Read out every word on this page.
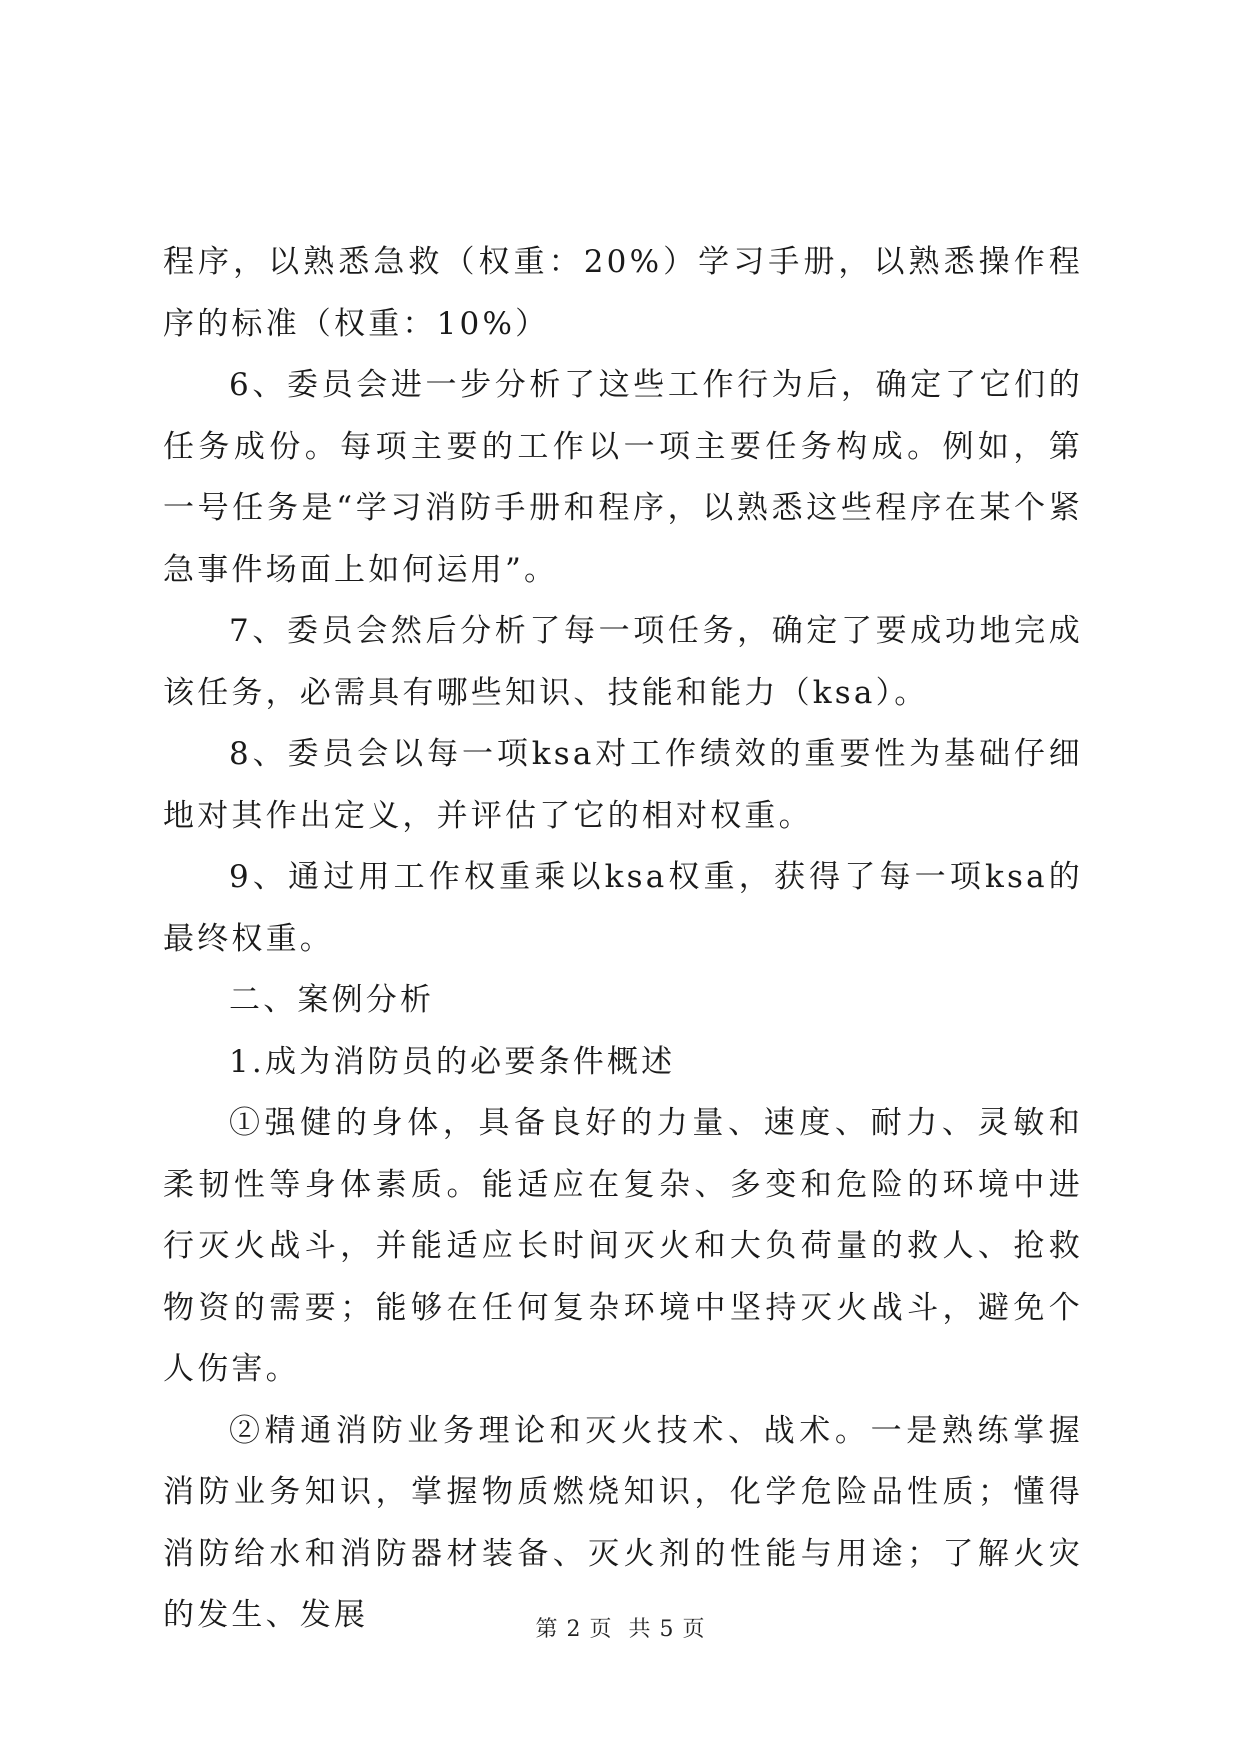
程序，以熟悉急救（权重：20%）学习手册，以熟悉操作程序的标准（权重：10%）

6、委员会进一步分析了这些工作行为后，确定了它们的任务成份。每项主要的工作以一项主要任务构成。例如，第一号任务是“学习消防手册和程序，以熟悉这些程序在某个紧急事件场面上如何运用”。

7、委员会然后分析了每一项任务，确定了要成功地完成该任务，必需具有哪些知识、技能和能力（ksa）。

8、委员会以每一项ksa对工作绩效的重要性为基础仔细地对其作出定义，并评估了它的相对权重。

9、通过用工作权重乘以ksa权重，获得了每一项ksa的最终权重。

二、案例分析

1.成为消防员的必要条件概述

①强健的身体，具备良好的力量、速度、耐力、灵敏和柔韧性等身体素质。能适应在复杂、多变和危险的环境中进行灭火战斗，并能适应长时间灭火和大负荷量的救人、抢救物资的需要；能够在任何复杂环境中坚持灭火战斗，避免个人伤害。

②精通消防业务理论和灭火技术、战术。一是熟练掌握消防业务知识，掌握物质燃烧知识，化学危险品性质；懂得消防给水和消防器材装备、灭火剂的性能与用途；了解火灾的发生、发展	第 2 页 共 5 页
